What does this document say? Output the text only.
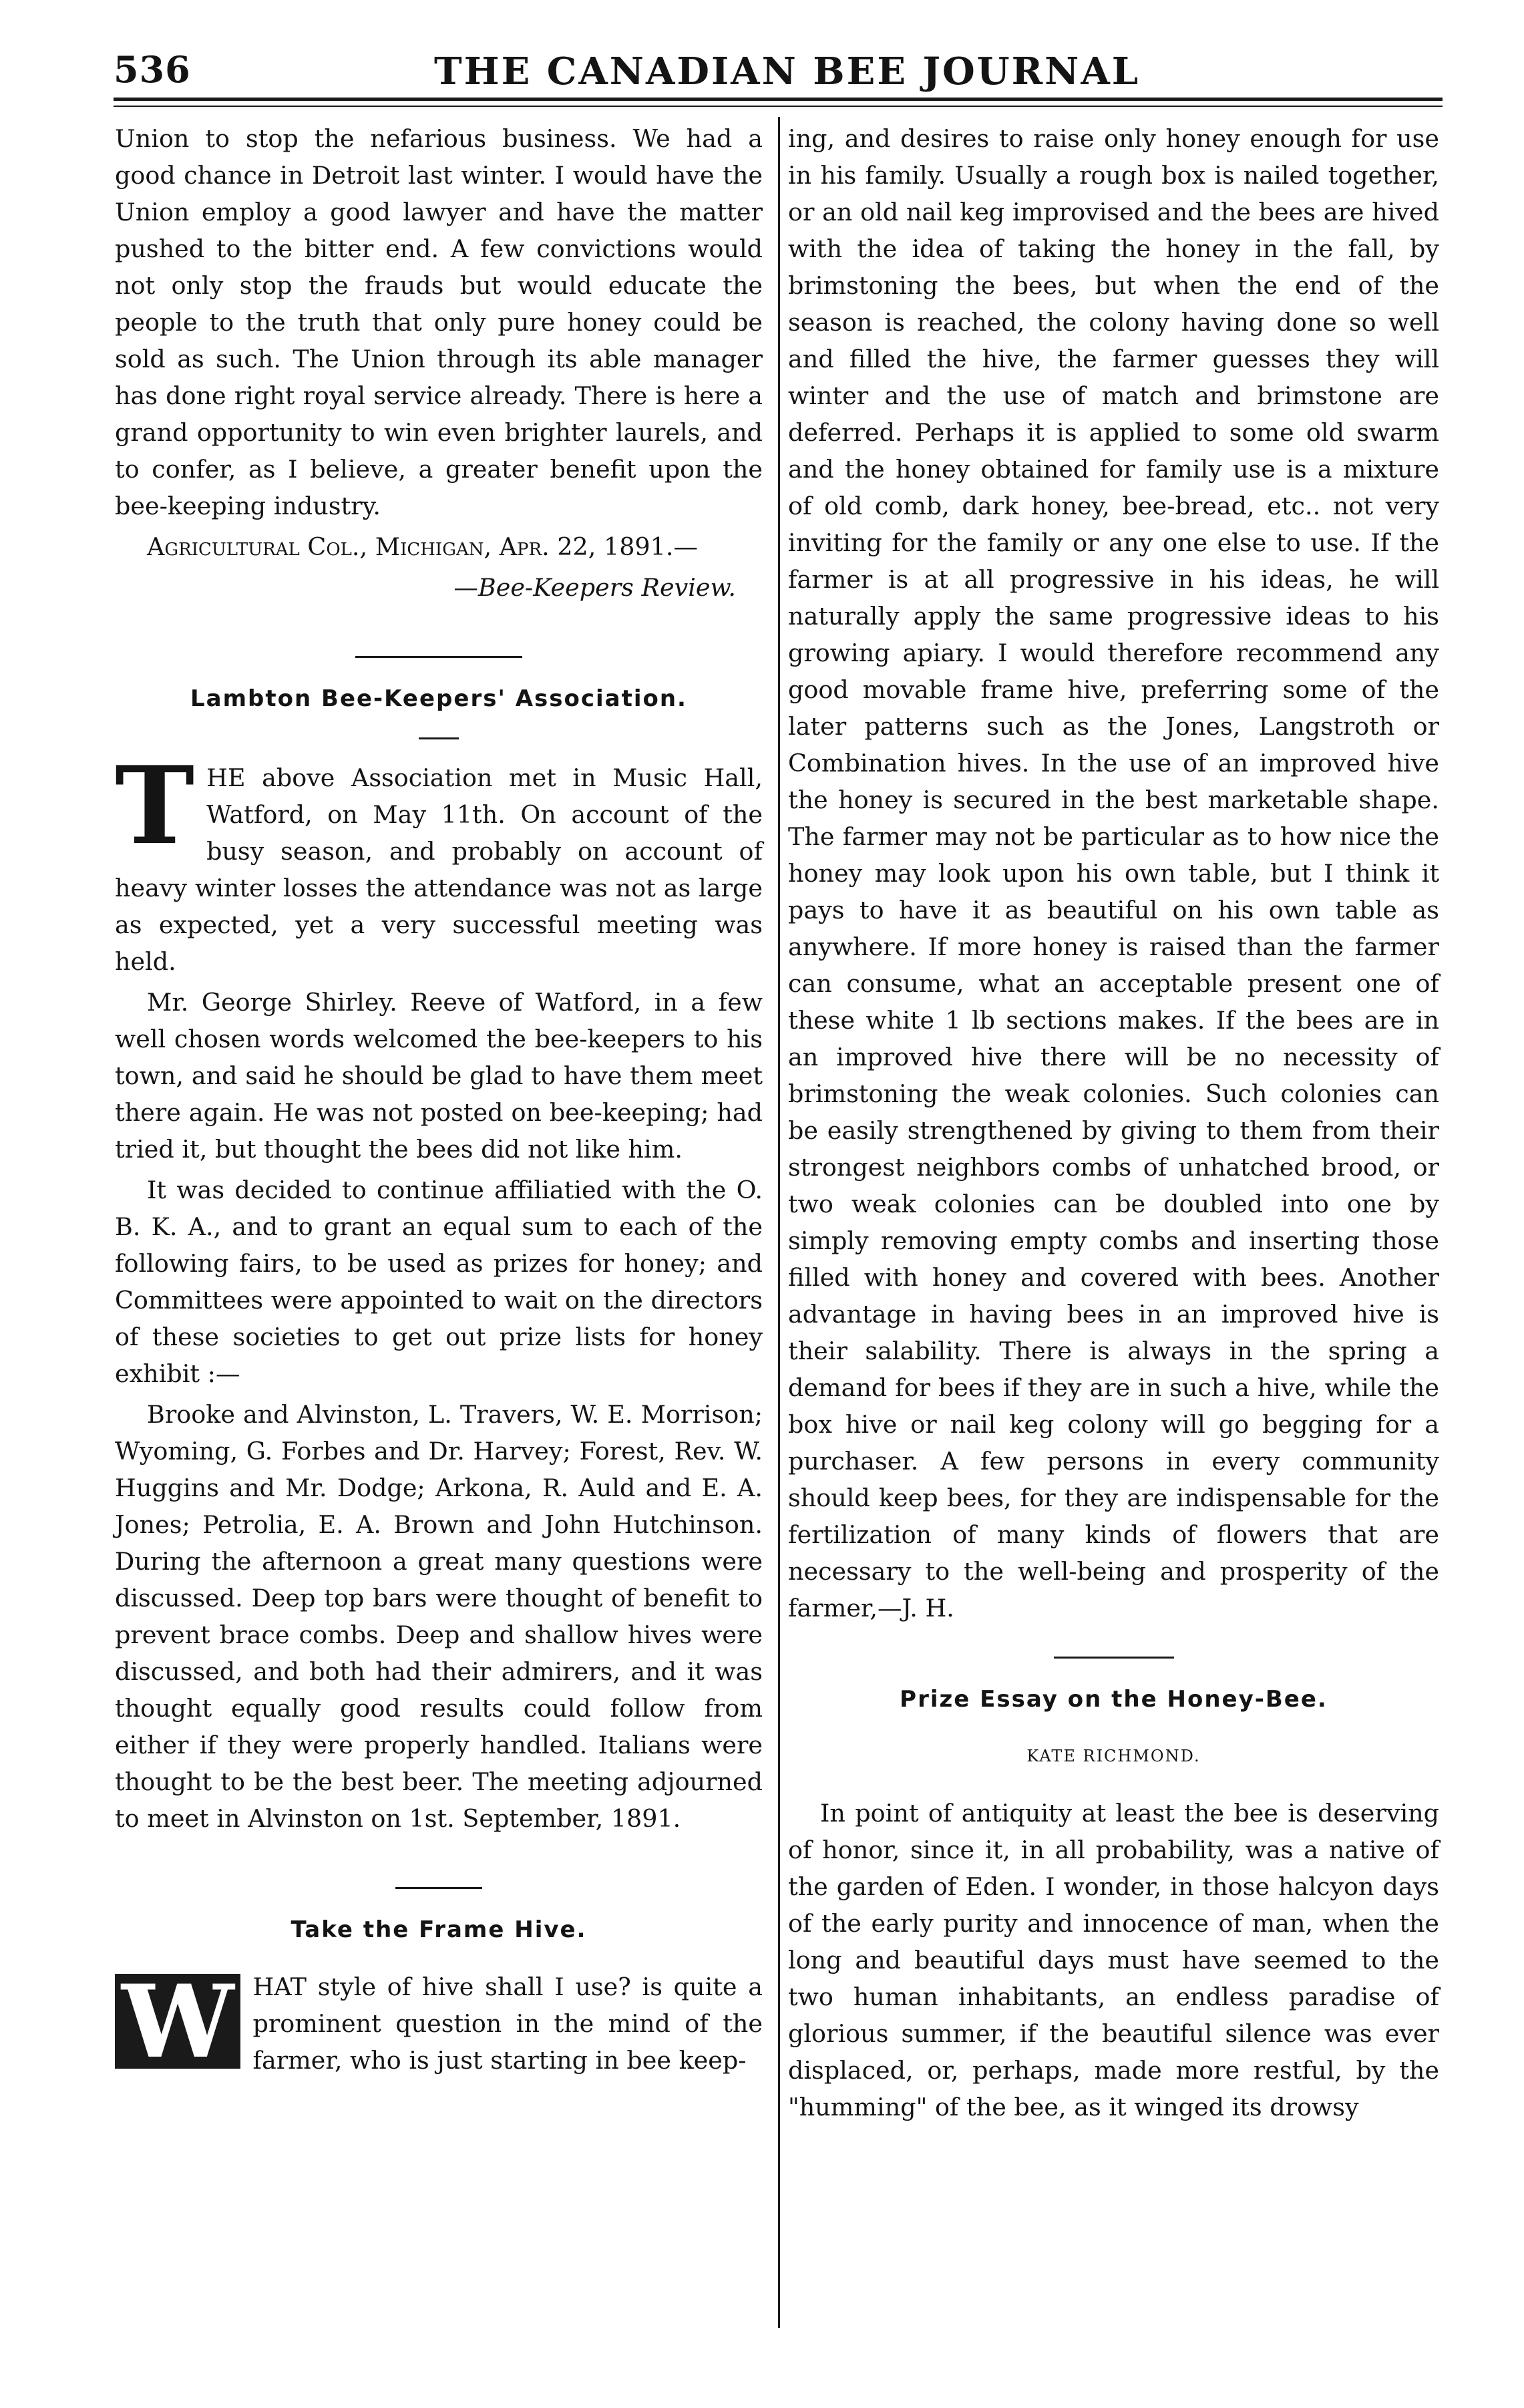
536	THE CANADIAN BEE JOURNAL

Union to stop the nefarious business. We had a good chance in Detroit last winter. I would have the Union employ a good lawyer and have the matter pushed to the bitter end. A few convictions would not only stop the frauds but would educate the people to the truth that only pure honey could be sold as such. The Union through its able manager has done right royal service already. There is here a grand opportunity to win even brighter laurels, and to confer, as I believe, a greater benefit upon the bee-keeping industry.

Agricultural Col., Michigan, Apr. 22, 1891.—

—Bee-Keepers Review.

Lambton Bee-Keepers' Association.
T HE above Association met in Music Hall, Watford, on May 11th. On account of the busy season, and probably on account of heavy winter losses the attendance was not as large as expected, yet a very successful meeting was held.

Mr. George Shirley. Reeve of Watford, in a few well chosen words welcomed the bee-keepers to his town, and said he should be glad to have them meet there again. He was not posted on bee-keeping; had tried it, but thought the bees did not like him.

It was decided to continue affiliatied with the O. B. K. A., and to grant an equal sum to each of the following fairs, to be used as prizes for honey; and Committees were appointed to wait on the directors of these societies to get out prize lists for honey exhibit :—

Brooke and Alvinston, L. Travers, W. E. Morrison; Wyoming, G. Forbes and Dr. Harvey; Forest, Rev. W. Huggins and Mr. Dodge; Arkona, R. Auld and E. A. Jones; Petrolia, E. A. Brown and John Hutchinson. During the afternoon a great many questions were discussed. Deep top bars were thought of benefit to prevent brace combs. Deep and shallow hives were discussed, and both had their admirers, and it was thought equally good results could follow from either if they were properly handled. Italians were thought to be the best beer. The meeting adjourned to meet in Alvinston on 1st. September, 1891.

Take the Frame Hive.
W HAT style of hive shall I use? is quite a prominent question in the mind of the farmer, who is just starting in bee keep-

ing, and desires to raise only honey enough for use in his family. Usually a rough box is nailed together, or an old nail keg improvised and the bees are hived with the idea of taking the honey in the fall, by brimstoning the bees, but when the end of the season is reached, the colony having done so well and filled the hive, the farmer guesses they will winter and the use of match and brimstone are deferred. Perhaps it is applied to some old swarm and the honey obtained for family use is a mixture of old comb, dark honey, bee-bread, etc.. not very inviting for the family or any one else to use. If the farmer is at all progressive in his ideas, he will naturally apply the same progressive ideas to his growing apiary. I would therefore recommend any good movable frame hive, preferring some of the later patterns such as the Jones, Langstroth or Combination hives. In the use of an improved hive the honey is secured in the best marketable shape. The farmer may not be particular as to how nice the honey may look upon his own table, but I think it pays to have it as beautiful on his own table as anywhere. If more honey is raised than the farmer can consume, what an acceptable present one of these white 1 lb sections makes. If the bees are in an improved hive there will be no necessity of brimstoning the weak colonies. Such colonies can be easily strengthened by giving to them from their strongest neighbors combs of unhatched brood, or two weak colonies can be doubled into one by simply removing empty combs and inserting those filled with honey and covered with bees. Another advantage in having bees in an improved hive is their salability. There is always in the spring a demand for bees if they are in such a hive, while the box hive or nail keg colony will go begging for a purchaser. A few persons in every community should keep bees, for they are indispensable for the fertilization of many kinds of flowers that are necessary to the well-being and prosperity of the farmer,—J. H.

Prize Essay on the Honey-Bee.
KATE RICHMOND.

In point of antiquity at least the bee is deserving of honor, since it, in all probability, was a native of the garden of Eden. I wonder, in those halcyon days of the early purity and innocence of man, when the long and beautiful days must have seemed to the two human inhabitants, an endless paradise of glorious summer, if the beautiful silence was ever displaced, or, perhaps, made more restful, by the "humming" of the bee, as it winged its drowsy
